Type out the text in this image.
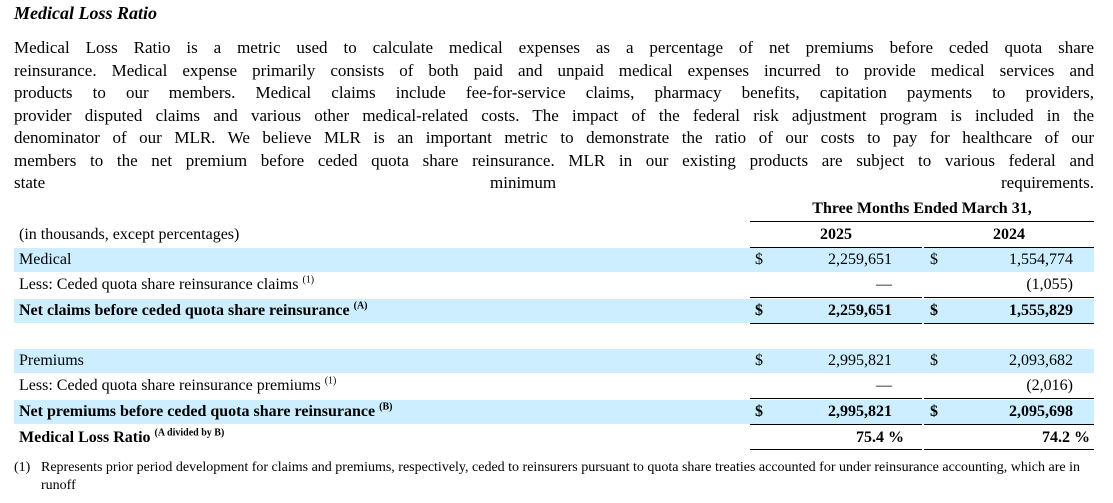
Medical Loss Ratio
Medical Loss Ratio is a metric used to calculate medical expenses as a percentage of net premiums before ceded quota share
reinsurance. Medical expense primarily consists of both paid and unpaid medical expenses incurred to provide medical services and
products to our members. Medical claims include fee-for-service claims, pharmacy benefits, capitation payments to providers,
provider disputed claims and various other medical-related costs. The impact of the federal risk adjustment program is included in the
denominator of our MLR. We believe MLR is an important metric to demonstrate the ratio of our costs to pay for healthcare of our
members to the net premium before ceded quota share reinsurance. MLR in our existing products are subject to various federal and
state	minimum	requirements.
Three Months Ended March 31,
(in thousands, except percentages)	2025	2024
Medical	$	2,259,651 $	1,554,774
Less: Ceded quota share reinsurance claims $^{(1)}$	—	(1,055)
Net claims before ceded quota share reinsurance $^{(A)}$	$	2,259,651 $	1,555,829
Premiums	$	2,995,821 $	2,093,682
Less: Ceded quota share reinsurance premiums $^{(1)}$	—	(2,016)
Net premiums before ceded quota share reinsurance $^{(B)}$	$	2,995,821 $	2,095,698
Medical Loss Ratio $^{(A divided by B)}$	75.4 %	74.2 %
(1) Represents prior period development for claims and premiums, respectively, ceded to reinsurers pursuant to quota share treaties accounted for under reinsurance accounting, which are in runoff
